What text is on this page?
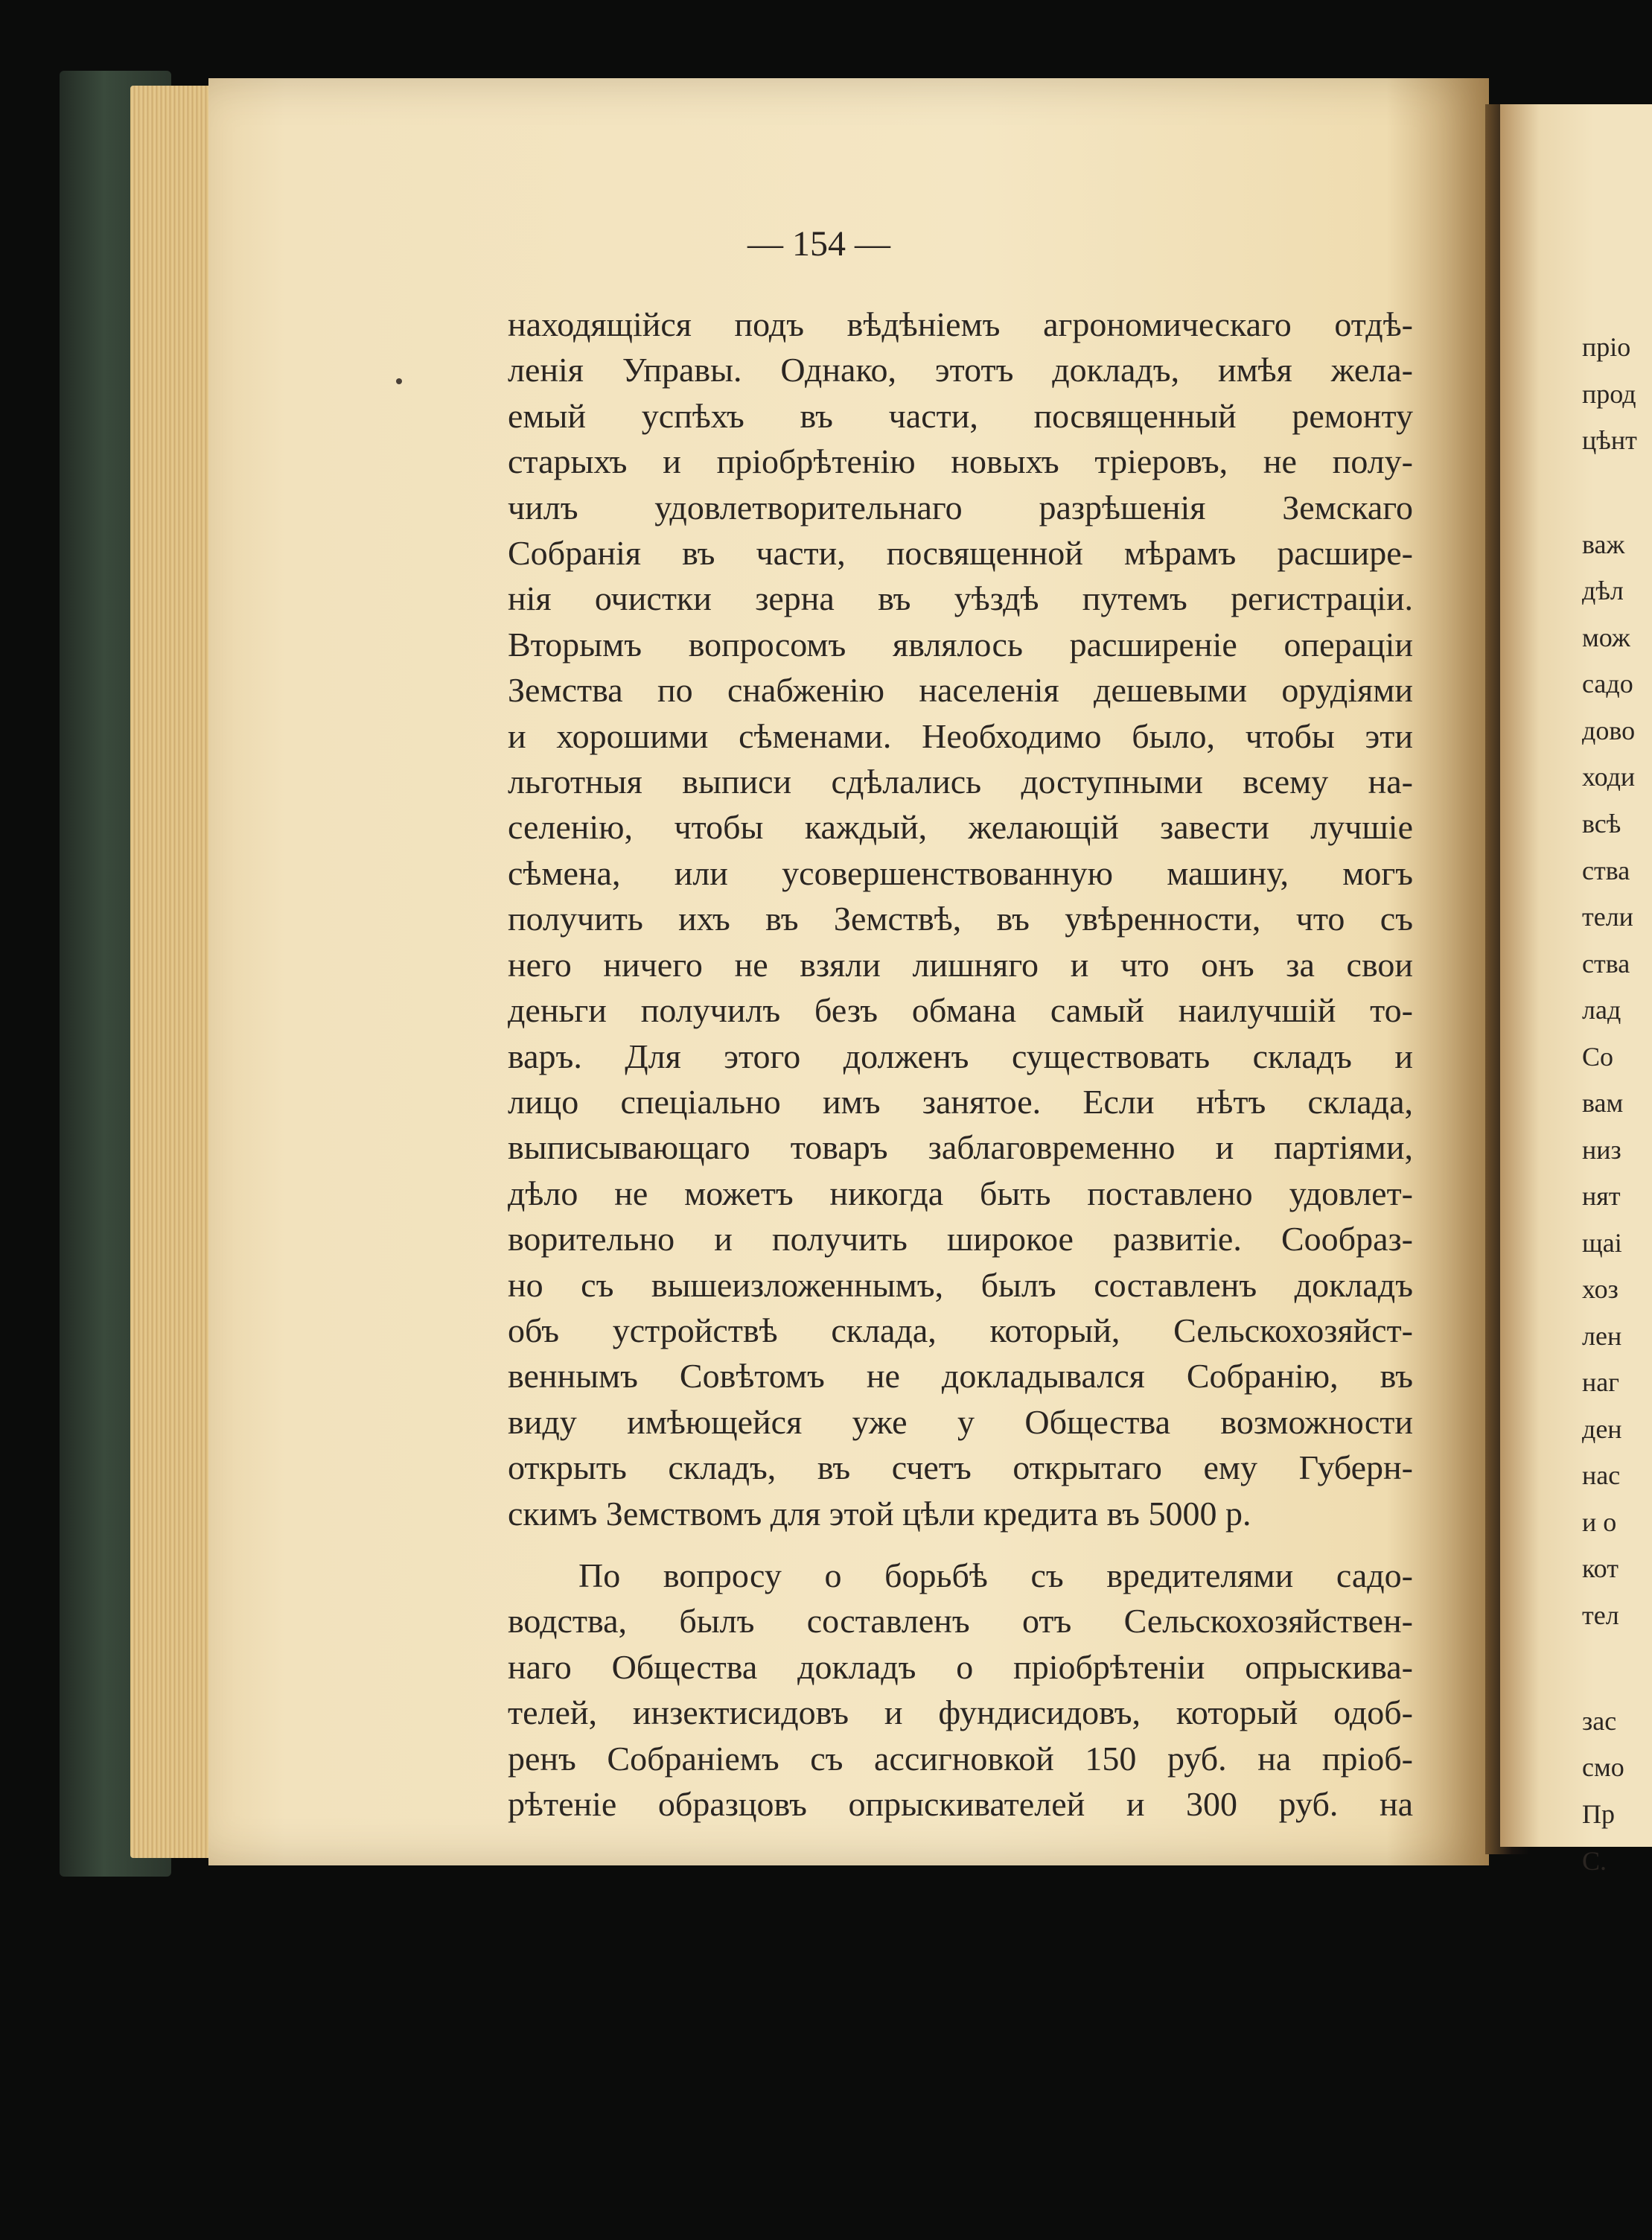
— 154 —
находящійся подъ вѣдѣніемъ агрономическаго отдѣ-
ленія Управы. Однако, этотъ докладъ, имѣя жела-
емый успѣхъ въ части, посвященный ремонту
старыхъ и пріобрѣтенію новыхъ тріеровъ, не полу-
чилъ удовлетворительнаго разрѣшенія Земскаго
Собранія въ части, посвященной мѣрамъ расшире-
нія очистки зерна въ уѣздѣ путемъ регистраціи.
Вторымъ вопросомъ являлось расширеніе операціи
Земства по снабженію населенія дешевыми орудіями
и хорошими сѣменами. Необходимо было, чтобы эти
льготныя выписи сдѣлались доступными всему на-
селенію, чтобы каждый, желающій завести лучшіе
сѣмена, или усовершенствованную машину, могъ
получить ихъ въ Земствѣ, въ увѣренности, что съ
него ничего не взяли лишняго и что онъ за свои
деньги получилъ безъ обмана самый наилучшій то-
варъ. Для этого долженъ существовать складъ и
лицо спеціально имъ занятое. Если нѣтъ склада,
выписывающаго товаръ заблаговременно и партіями,
дѣло не можетъ никогда быть поставлено удовлет-
ворительно и получить широкое развитіе. Сообраз-
но съ вышеизложеннымъ, былъ составленъ докладъ
объ устройствѣ склада, который, Сельскохозяйст-
веннымъ Совѣтомъ не докладывался Собранію, въ
виду имѣющейся уже у Общества возможности
открыть складъ, въ счетъ открытаго ему Губерн-
скимъ Земствомъ для этой цѣли кредита въ 5000 р.
По вопросу о борьбѣ съ вредителями садо-
водства, былъ составленъ отъ Сельскохозяйствен-
наго Общества докладъ о пріобрѣтеніи опрыскива-
телей, инзектисидовъ и фундисидовъ, который одоб-
ренъ Собраніемъ съ ассигновкой 150 руб. на пріоб-
рѣтеніе образцовъ опрыскивателей и 300 руб. на
пріо
прод
цѣнт
важ
дѣл
мож
садо
дово
ходи
всѣ
ства
тели
ства
лад
Со
вам
низ
нят
щаі
хоз
лен
наг
ден
нас
и о
кот
тел
зас
смо
Пр
С.
